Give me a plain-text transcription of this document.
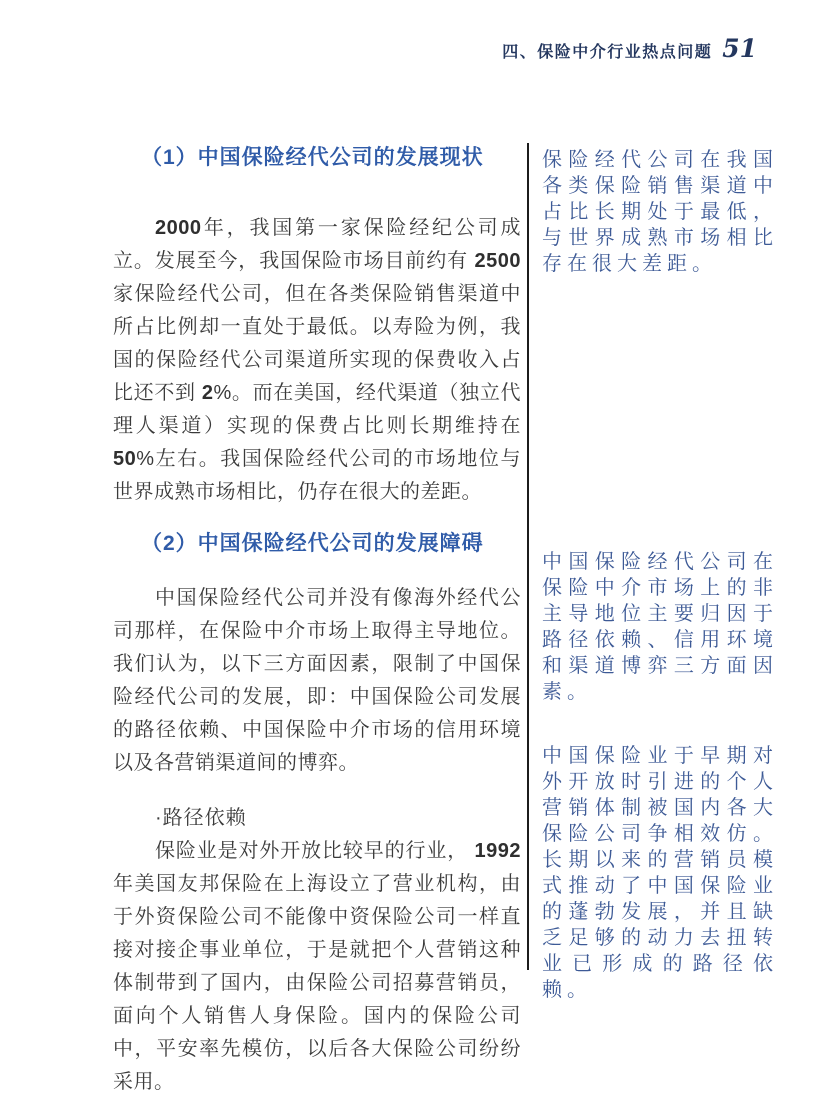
四、保险中介行业热点问题 51
（1）中国保险经代公司的发展现状

2000年，我国第一家保险经纪公司成立。发展至今，我国保险市场目前约有 2500家保险经代公司，但在各类保险销售渠道中所占比例却一直处于最低。以寿险为例，我国的保险经代公司渠道所实现的保费收入占比还不到 2%。而在美国，经代渠道（独立代理人渠道）实现的保费占比则长期维持在 50%左右。我国保险经代公司的市场地位与世界成熟市场相比，仍存在很大的差距。

（2）中国保险经代公司的发展障碍

中国保险经代公司并没有像海外经代公司那样，在保险中介市场上取得主导地位。我们认为，以下三方面因素，限制了中国保险经代公司的发展，即：中国保险公司发展的路径依赖、中国保险中介市场的信用环境以及各营销渠道间的博弈。

·路径依赖

保险业是对外开放比较早的行业， 1992年美国友邦保险在上海设立了营业机构，由于外资保险公司不能像中资保险公司一样直接对接企事业单位，于是就把个人营销这种体制带到了国内，由保险公司招募营销员，面向个人销售人身保险。国内的保险公司中，平安率先模仿，以后各大保险公司纷纷采用。

保险经代公司在我国各类保险销售渠道中占比长期处于最低，与世界成熟市场相比存在很大差距。
中国保险经代公司在保险中介市场上的非主导地位主要归因于路径依赖、信用环境和渠道博弈三方面因素。
中国保险业于早期对外开放时引进的个人营销体制被国内各大保险公司争相效仿。长期以来的营销员模式推动了中国保险业的蓬勃发展，并且缺乏足够的动力去扭转业已形成的路径依赖。
